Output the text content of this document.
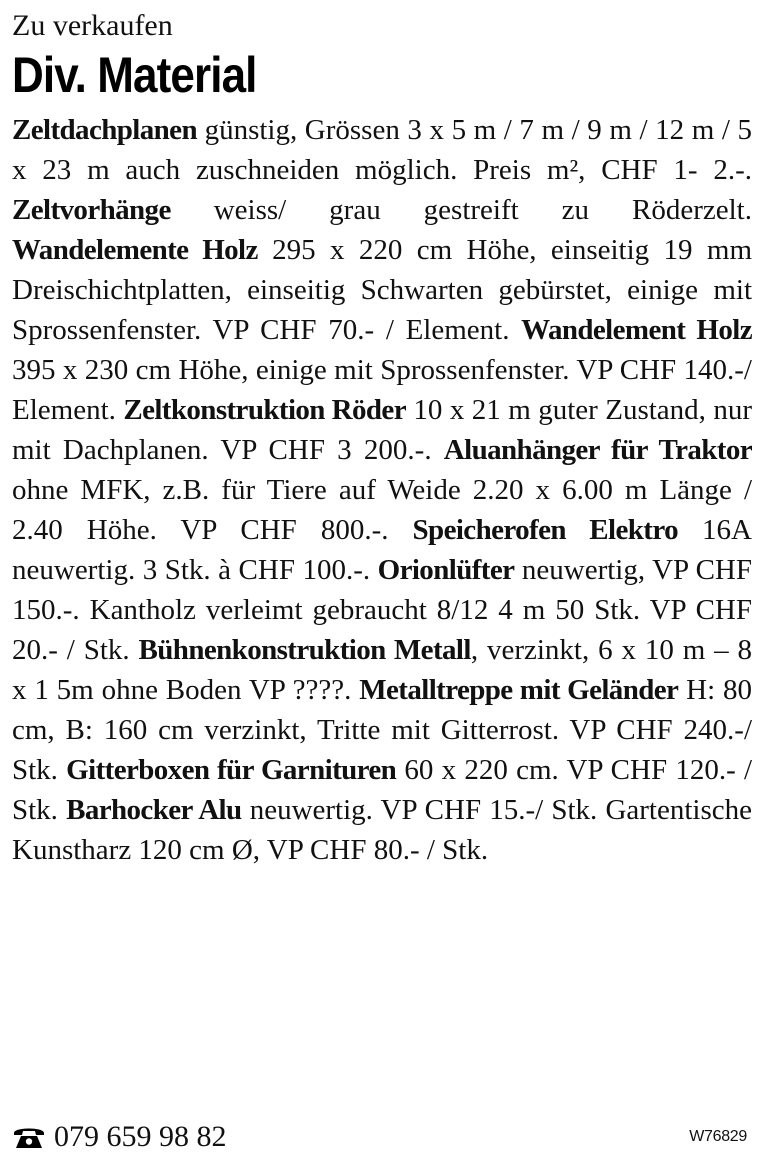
Zu verkaufen

Div. Material

Zeltdachplanen günstig, Grössen 3 x 5 m / 7 m / 9 m / 12 m / 5 x 23 m auch zuschneiden möglich. Preis m², CHF 1- 2.-. Zeltvorhänge weiss/ grau gestreift zu Röderzelt. Wandelemente Holz 295 x 220 cm Höhe, einseitig 19 mm Dreischichtplatten, einseitig Schwarten gebürstet, einige mit Sprossenfenster. VP CHF 70.- / Element. Wandelement Holz 395 x 230 cm Höhe, einige mit Sprossenfenster. VP CHF 140.-/ Element. Zeltkonstruktion Röder 10 x 21 m guter Zustand, nur mit Dachplanen. VP CHF 3 200.-. Aluanhänger für Traktor ohne MFK, z.B. für Tiere auf Weide 2.20 x 6.00 m Länge / 2.40 Höhe. VP CHF 800.-. Speicherofen Elektro 16A neuwertig. 3 Stk. à CHF 100.-. Orionlüfter neuwertig, VP CHF 150.-. Kantholz verleimt gebraucht 8/12 4 m 50 Stk. VP CHF 20.- / Stk. Bühnenkonstruktion Metall, verzinkt, 6 x 10 m – 8 x 1 5m ohne Boden VP ????. Metalltreppe mit Geländer H: 80 cm, B: 160 cm verzinkt, Tritte mit Gitterrost. VP CHF 240.-/ Stk. Gitterboxen für Garnituren 60 x 220 cm. VP CHF 120.- / Stk. Barhocker Alu neuwertig. VP CHF 15.-/ Stk. Gartentische Kunstharz 120 cm Ø, VP CHF 80.- / Stk.

079 659 98 82	W76829
